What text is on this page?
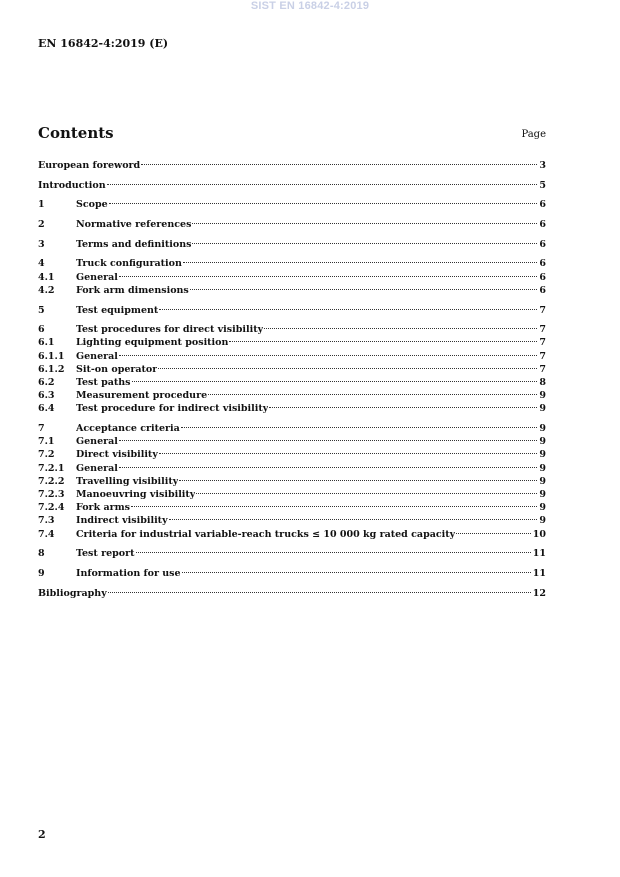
SIST EN 16842-4:2019
EN 16842-4:2019 (E)
Contents	Page
European foreword	3
Introduction	5
1	Scope	6
2	Normative references	6
3	Terms and definitions	6
4	Truck configuration	6
4.1	General	6
4.2	Fork arm dimensions	6
5	Test equipment	7
6	Test procedures for direct visibility	7
6.1	Lighting equipment position	7
6.1.1	General	7
6.1.2	Sit-on operator	7
6.2	Test paths	8
6.3	Measurement procedure	9
6.4	Test procedure for indirect visibility	9
7	Acceptance criteria	9
7.1	General	9
7.2	Direct visibility	9
7.2.1	General	9
7.2.2	Travelling visibility	9
7.2.3	Manoeuvring visibility	9
7.2.4	Fork arms	9
7.3	Indirect visibility	9
7.4	Criteria for industrial variable-reach trucks ≤ 10 000 kg rated capacity	10
8	Test report	11
9	Information for use	11
Bibliography	12
2
